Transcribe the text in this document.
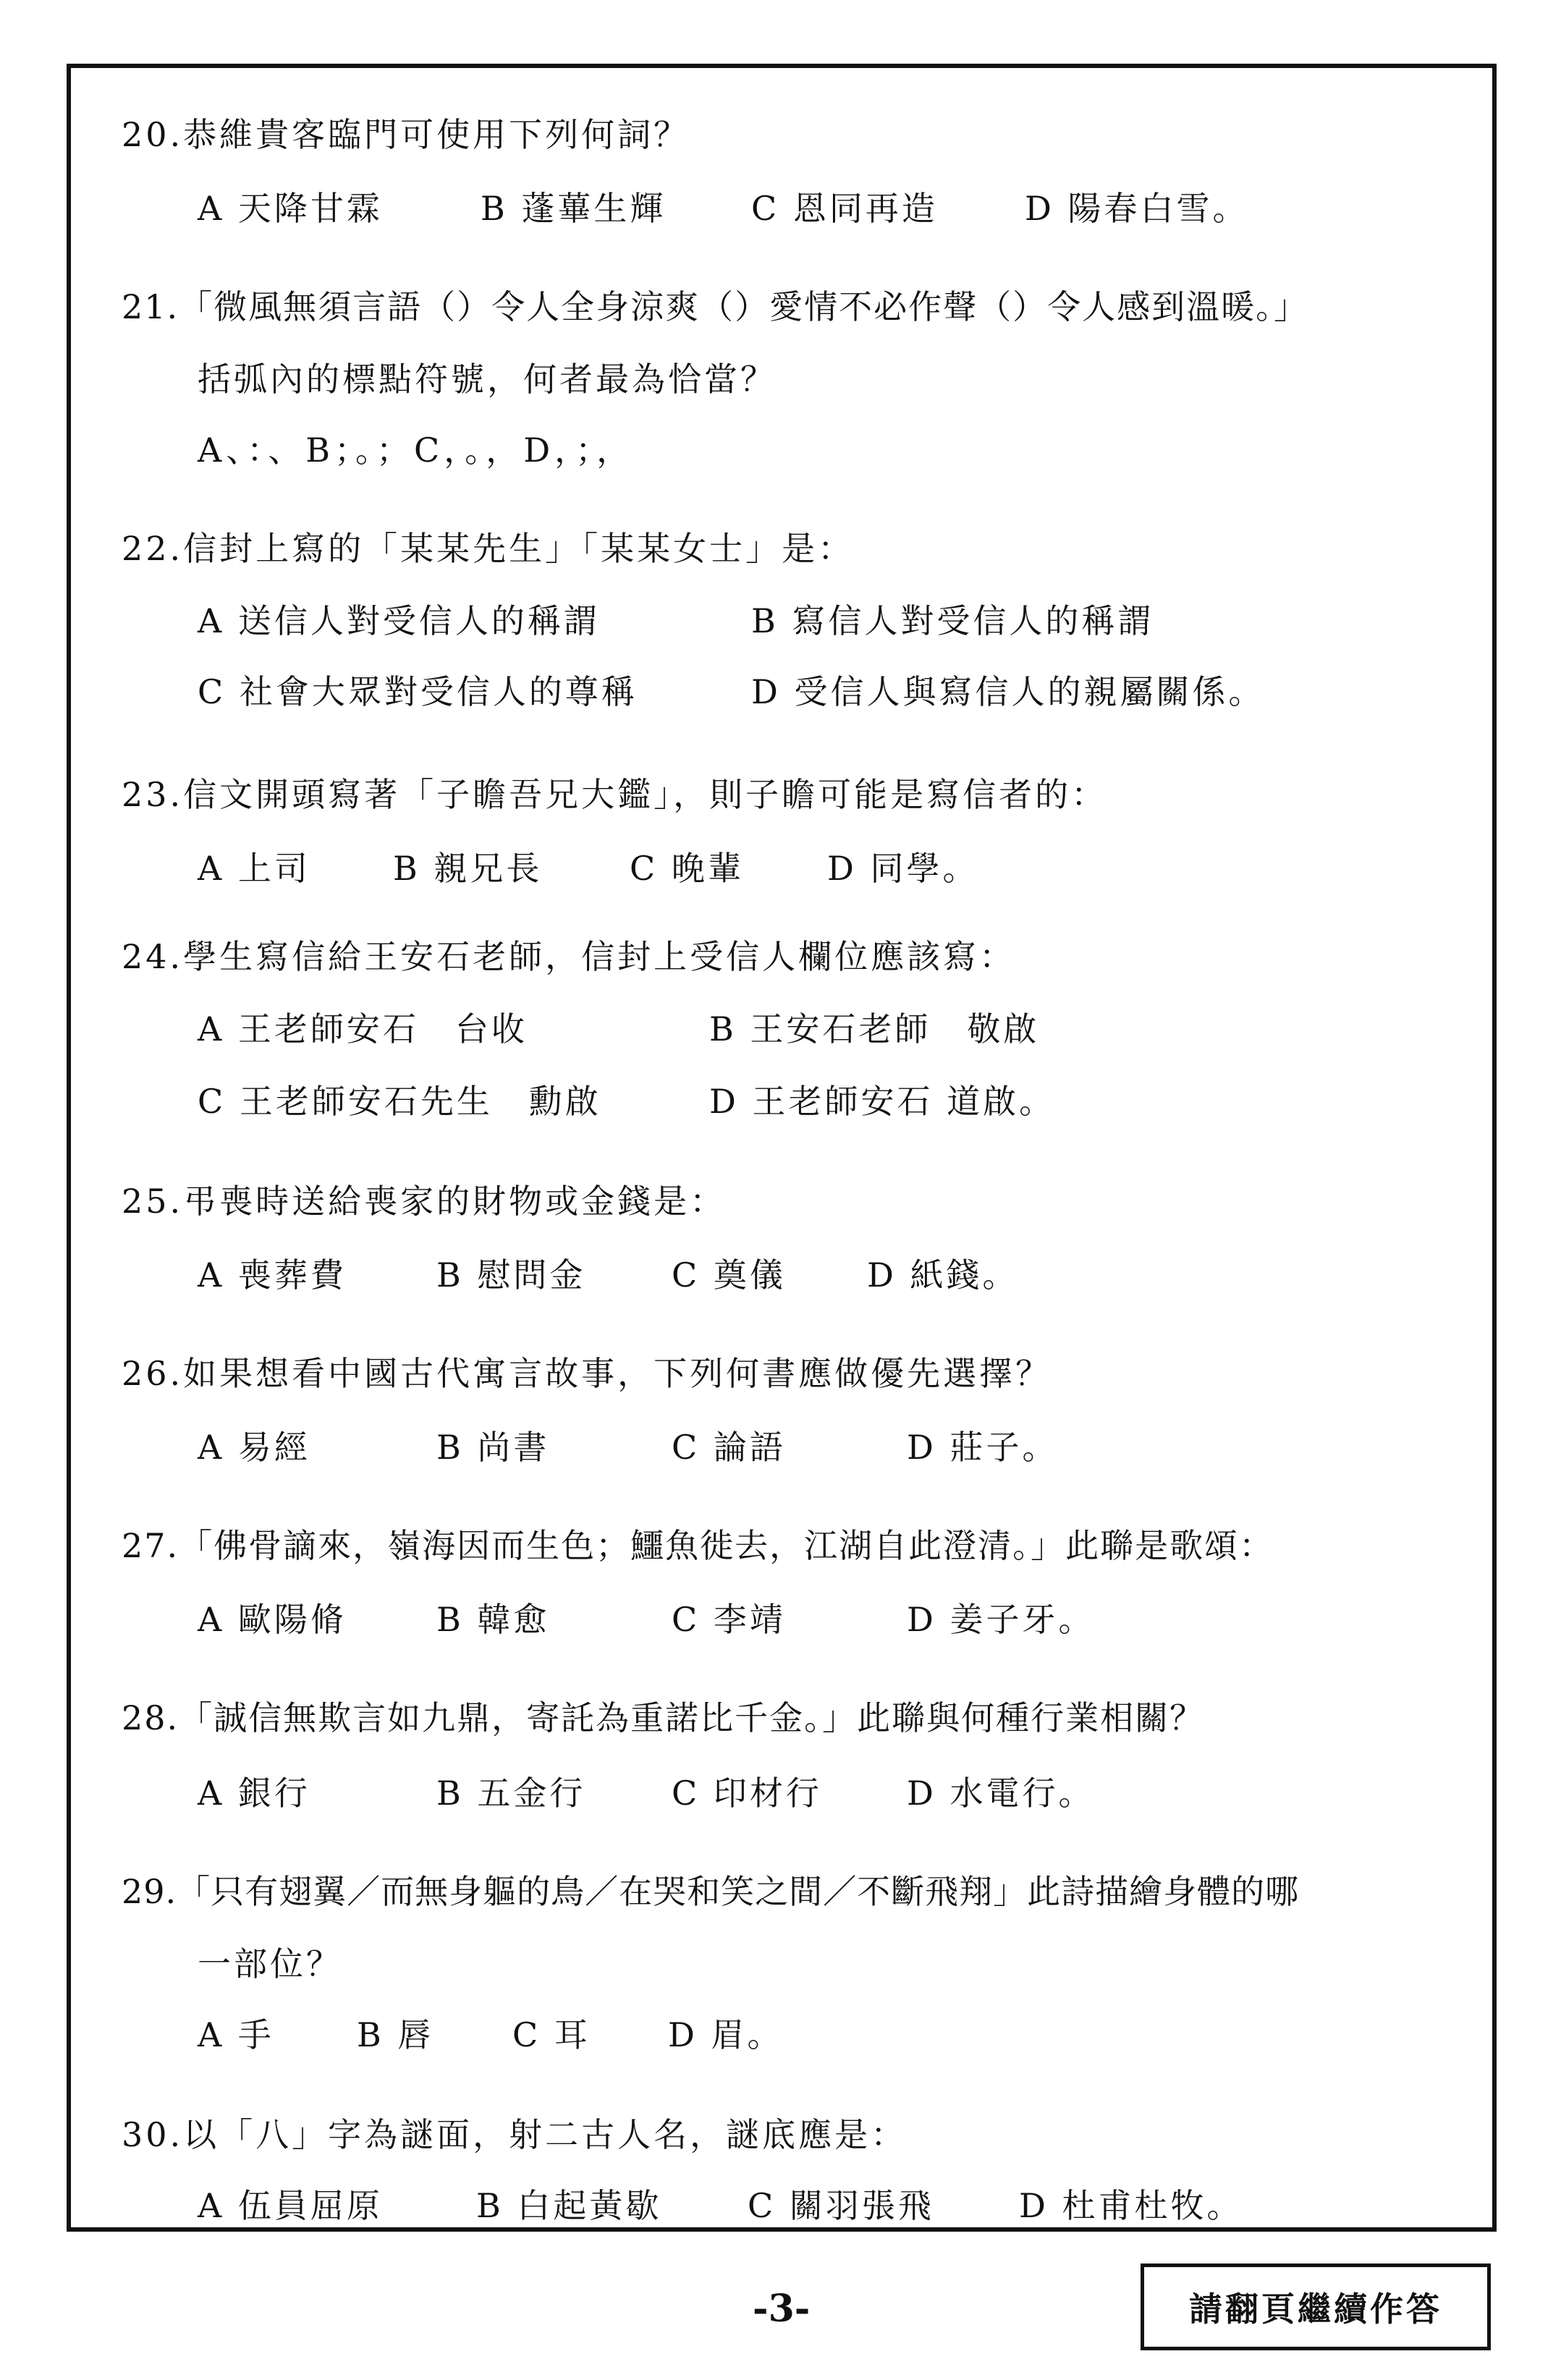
20.恭維貴客臨門可使用下列何詞？
A 天降甘霖	B 蓬蓽生輝	C 恩同再造	D 陽春白雪。
21.「微風無須言語（）令人全身涼爽（）愛情不必作聲（）令人感到溫暖。」
括弧內的標點符號，何者最為恰當？
A、：、B；。；C，。，D，；，
22.信封上寫的「某某先生」「某某女士」是：
A 送信人對受信人的稱謂	B 寫信人對受信人的稱謂
C 社會大眾對受信人的尊稱	D 受信人與寫信人的親屬關係。
23.信文開頭寫著「子瞻吾兄大鑑」，則子瞻可能是寫信者的：
A 上司 B 親兄長	C 晚輩	D 同學。
24.學生寫信給王安石老師，信封上受信人欄位應該寫：
A 王老師安石　台收	B 王安石老師　敬啟
C 王老師安石先生　勳啟	D 王老師安石 道啟。
25.弔喪時送給喪家的財物或金錢是：
A 喪葬費	B 慰問金	C 奠儀 D 紙錢。
26.如果想看中國古代寓言故事，下列何書應做優先選擇？
A 易經	B 尚書	C 論語	D 莊子。
27.「佛骨謫來，嶺海因而生色；鱷魚徙去，江湖自此澄清。」此聯是歌頌：
A 歐陽脩	B 韓愈	C 李靖	D 姜子牙。
28.「誠信無欺言如九鼎，寄託為重諾比千金。」此聯與何種行業相關？
A 銀行	B 五金行	C 印材行	D 水電行。
29.「只有翅翼／而無身軀的鳥／在哭和笑之間／不斷飛翔」此詩描繪身體的哪
一部位？
A 手 B 唇 C 耳 D 眉。
30.以「八」字為謎面，射二古人名，謎底應是：
A 伍員屈原	B 白起黃歇	C 關羽張飛	D 杜甫杜牧。
-3-	請翻頁繼續作答
